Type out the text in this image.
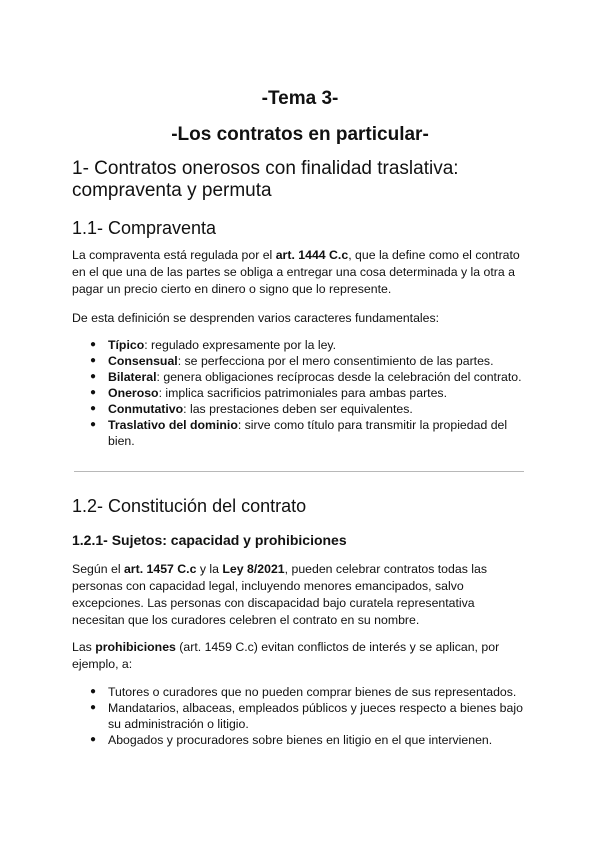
-Tema 3-
-Los contratos en particular-
1- Contratos onerosos con finalidad traslativa:
compraventa y permuta
1.1- Compraventa
La compraventa está regulada por el art. 1444 C.c, que la define como el contrato en el que una de las partes se obliga a entregar una cosa determinada y la otra a pagar un precio cierto en dinero o signo que lo represente.
De esta definición se desprenden varios caracteres fundamentales:
● Típico: regulado expresamente por la ley.
● Consensual: se perfecciona por el mero consentimiento de las partes.
● Bilateral: genera obligaciones recíprocas desde la celebración del contrato.
● Oneroso: implica sacrificios patrimoniales para ambas partes.
● Conmutativo: las prestaciones deben ser equivalentes.
● Traslativo del dominio: sirve como título para transmitir la propiedad del bien.
1.2- Constitución del contrato
1.2.1- Sujetos: capacidad y prohibiciones
Según el art. 1457 C.c y la Ley 8/2021, pueden celebrar contratos todas las personas con capacidad legal, incluyendo menores emancipados, salvo excepciones. Las personas con discapacidad bajo curatela representativa necesitan que los curadores celebren el contrato en su nombre.
Las prohibiciones (art. 1459 C.c) evitan conflictos de interés y se aplican, por ejemplo, a:
● Tutores o curadores que no pueden comprar bienes de sus representados.
● Mandatarios, albaceas, empleados públicos y jueces respecto a bienes bajo su administración o litigio.
● Abogados y procuradores sobre bienes en litigio en el que intervienen.
